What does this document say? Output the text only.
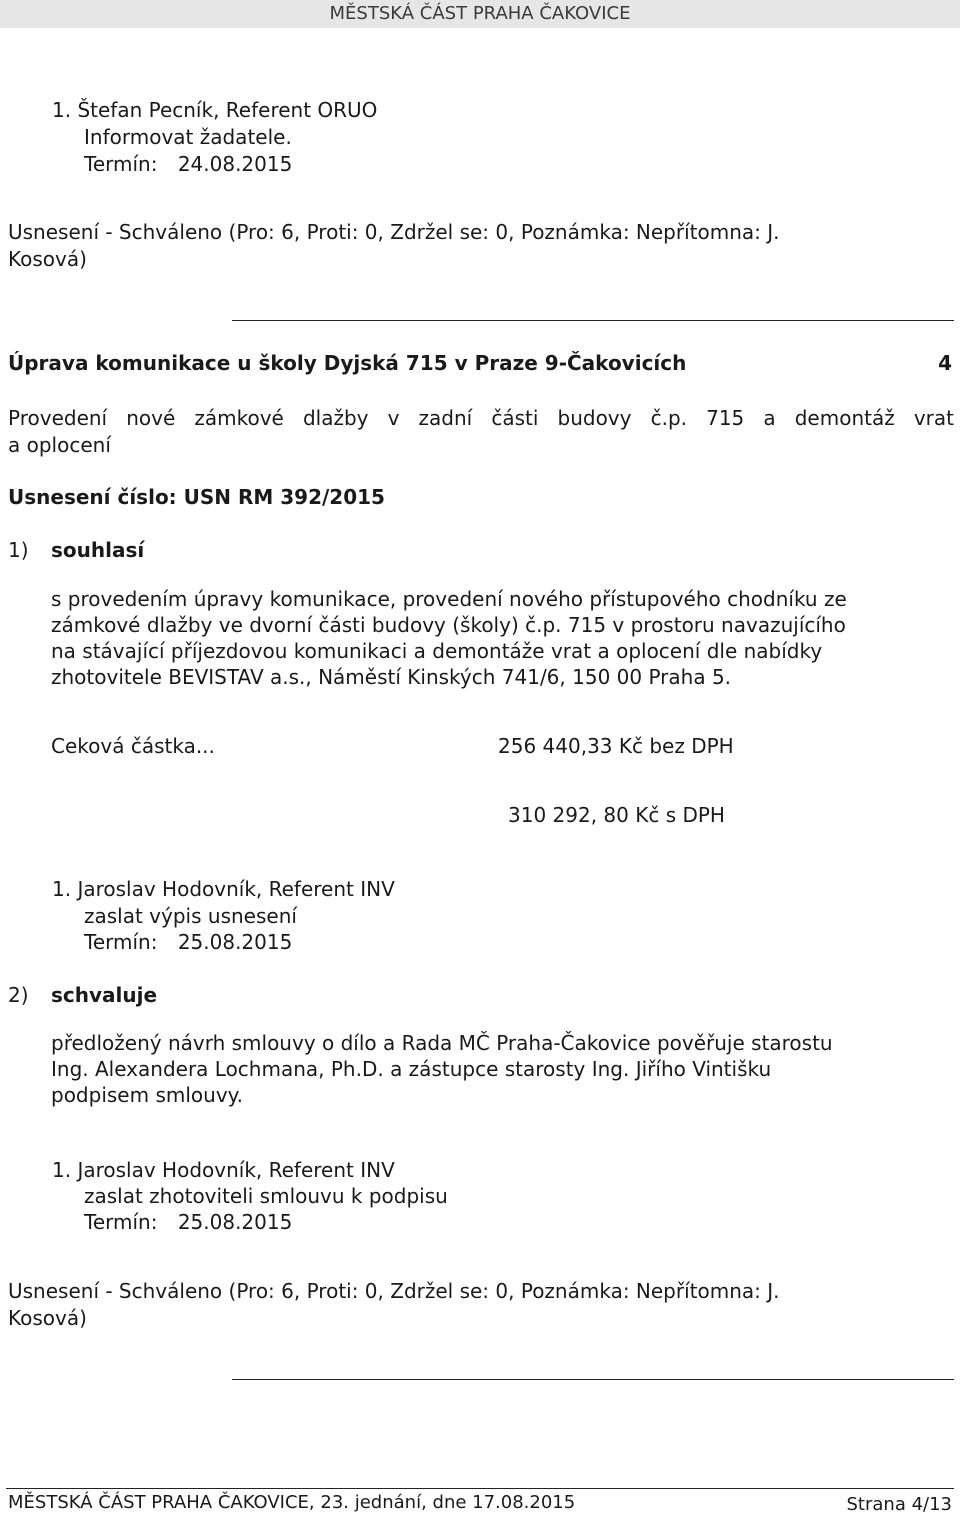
MĚSTSKÁ ČÁST PRAHA ČAKOVICE
1. Štefan Pecník, Referent ORUO
Informovat žadatele.
Termín: 24.08.2015
Usnesení - Schváleno (Pro: 6, Proti: 0, Zdržel se: 0, Poznámka: Nepřítomna: J.
Kosová)
Úprava komunikace u školy Dyjská 715 v Praze 9-Čakovicích	4
Provedení nové zámkové dlažby v zadní části budovy č.p. 715 a demontáž vrat
a oplocení
Usnesení číslo: USN RM 392/2015
1) souhlasí
s provedením úpravy komunikace, provedení nového přístupového chodníku ze
zámkové dlažby ve dvorní části budovy (školy) č.p. 715 v prostoru navazujícího
na stávající příjezdovou komunikaci a demontáže vrat a oplocení dle nabídky
zhotovitele BEVISTAV a.s., Náměstí Kinských 741/6, 150 00 Praha 5.
Ceková částka...	256 440,33 Kč bez DPH
310 292, 80 Kč s DPH
1. Jaroslav Hodovník, Referent INV
zaslat výpis usnesení
Termín: 25.08.2015
2) schvaluje
předložený návrh smlouvy o dílo a Rada MČ Praha-Čakovice pověřuje starostu
Ing. Alexandera Lochmana, Ph.D. a zástupce starosty Ing. Jiřího Vintišku
podpisem smlouvy.
1. Jaroslav Hodovník, Referent INV
zaslat zhotoviteli smlouvu k podpisu
Termín: 25.08.2015
Usnesení - Schváleno (Pro: 6, Proti: 0, Zdržel se: 0, Poznámka: Nepřítomna: J.
Kosová)
MĚSTSKÁ ČÁST PRAHA ČAKOVICE, 23. jednání, dne 17.08.2015	Strana 4/13
